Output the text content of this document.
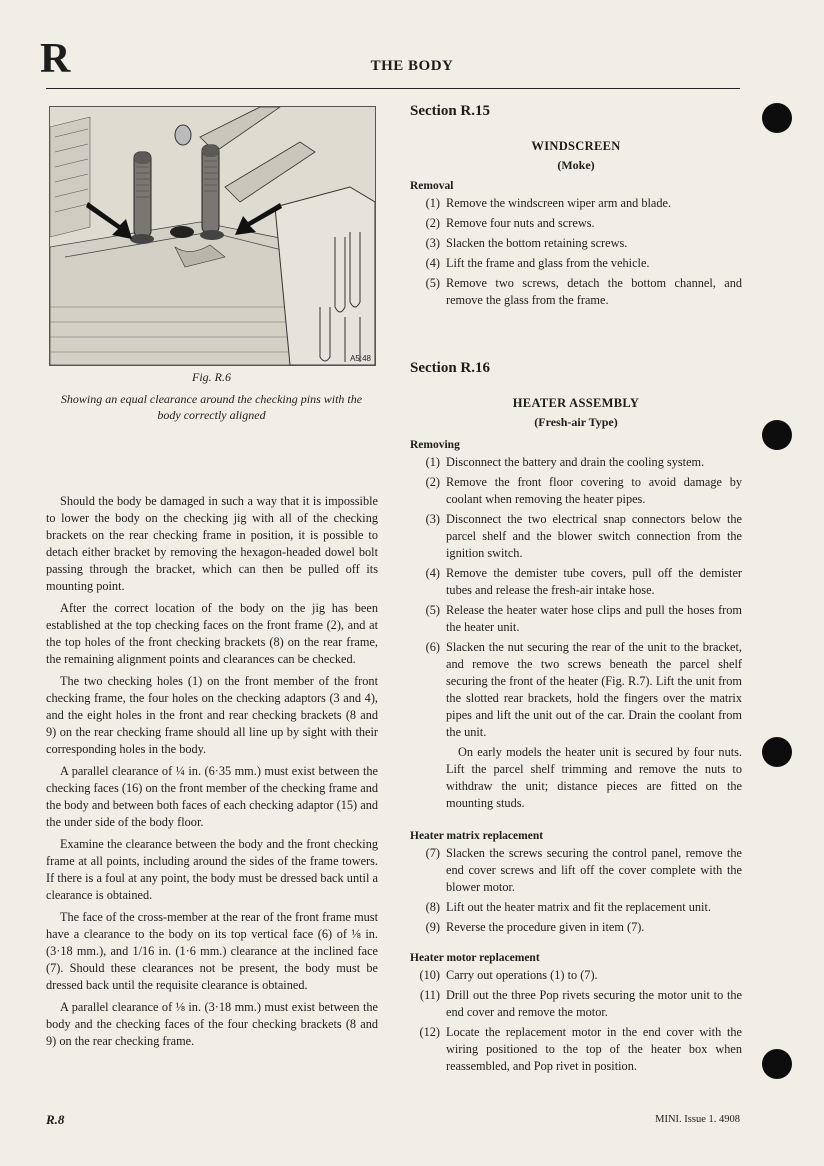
R	THE BODY
A5:48
Fig. R.6
Showing an equal clearance around the checking pins with the body correctly aligned

Should the body be damaged in such a way that it is impossible to lower the body on the checking jig with all of the checking brackets on the rear checking frame in position, it is possible to detach either bracket by removing the hexagon-headed dowel bolt passing through the bracket, which can then be pulled off its mounting point.

After the correct location of the body on the jig has been established at the top checking faces on the front frame (2), and at the top holes of the front checking brackets (8) on the rear frame, the remaining alignment points and clearances can be checked.

The two checking holes (1) on the front member of the front checking frame, the four holes on the checking adaptors (3 and 4), and the eight holes in the front and rear checking brackets (8 and 9) on the rear checking frame should all line up by sight with their corresponding holes in the body.

A parallel clearance of ¼ in. (6·35 mm.) must exist between the checking faces (16) on the front member of the checking frame and the body and between both faces of each checking adaptor (15) and the under side of the body floor.

Examine the clearance between the body and the front checking frame at all points, including around the sides of the frame towers. If there is a foul at any point, the body must be dressed back until a clearance is obtained.

The face of the cross-member at the rear of the front frame must have a clearance to the body on its top vertical face (6) of ⅛ in. (3·18 mm.), and 1/16 in. (1·6 mm.) clearance at the inclined face (7). Should these clearances not be present, the body must be dressed back until the requisite clearance is obtained.

A parallel clearance of ⅛ in. (3·18 mm.) must exist between the body and the checking faces of the four checking brackets (8 and 9) on the rear checking frame.

Section R.15

WINDSCREEN

(Moke)

Removal

(1) Remove the windscreen wiper arm and blade.
(2) Remove four nuts and screws.
(3) Slacken the bottom retaining screws.
(4) Lift the frame and glass from the vehicle.
(5) Remove two screws, detach the bottom channel, and remove the glass from the frame.

Section R.16

HEATER ASSEMBLY

(Fresh-air Type)

Removing

(1) Disconnect the battery and drain the cooling system.
(2) Remove the front floor covering to avoid damage by coolant when removing the heater pipes.
(3) Disconnect the two electrical snap connectors below the parcel shelf and the blower switch connection from the ignition switch.
(4) Remove the demister tube covers, pull off the demister tubes and release the fresh-air intake hose.
(5) Release the heater water hose clips and pull the hoses from the heater unit.
(6) Slacken the nut securing the rear of the unit to the bracket, and remove the two screws beneath the parcel shelf securing the front of the heater (Fig. R.7). Lift the unit from the slotted rear brackets, hold the fingers over the matrix pipes and lift the unit out of the car. Drain the coolant from the unit.

On early models the heater unit is secured by four nuts. Lift the parcel shelf trimming and remove the nuts to withdraw the unit; distance pieces are fitted on the mounting studs.

Heater matrix replacement

(7) Slacken the screws securing the control panel, remove the end cover screws and lift off the cover complete with the blower motor.
(8) Lift out the heater matrix and fit the replacement unit.
(9) Reverse the procedure given in item (7).

Heater motor replacement

(10) Carry out operations (1) to (7).
(11) Drill out the three Pop rivets securing the motor unit to the end cover and remove the motor.
(12) Locate the replacement motor in the end cover with the wiring positioned to the top of the heater box when reassembled, and Pop rivet in position.
R.8	MINI. Issue 1. 4908
